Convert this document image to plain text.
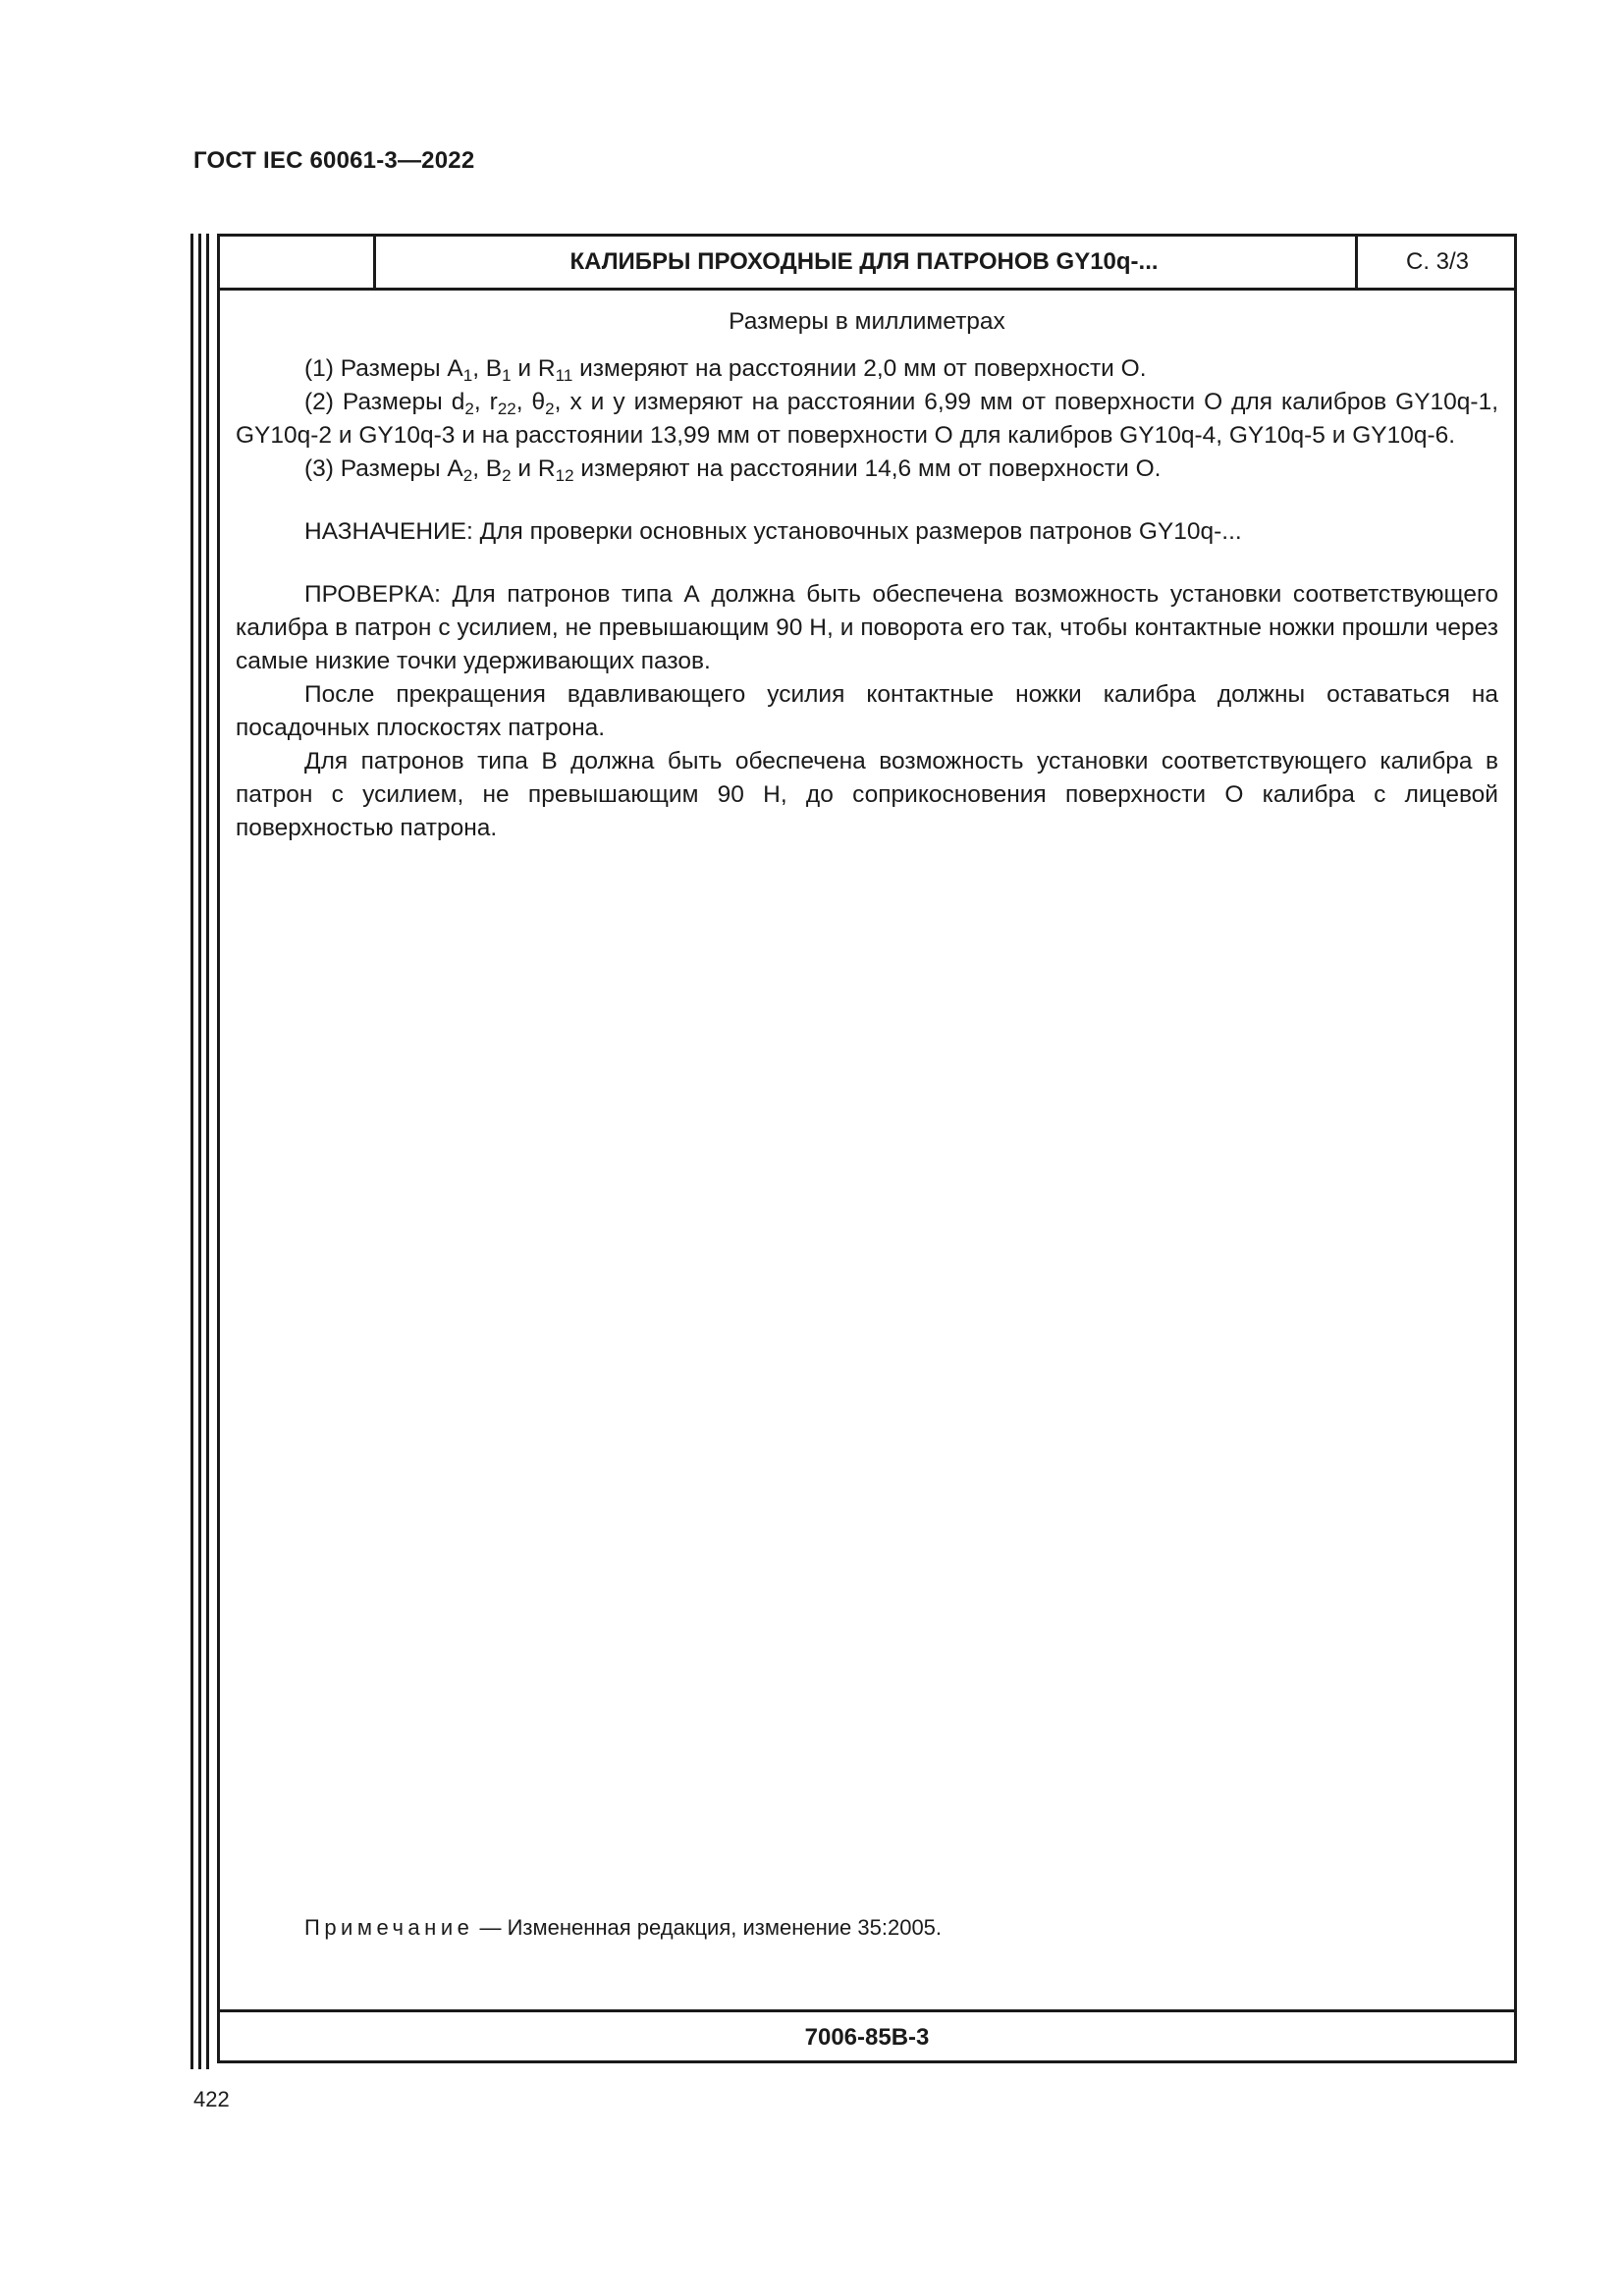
ГОСТ IEC 60061-3—2022
КАЛИБРЫ ПРОХОДНЫЕ ДЛЯ ПАТРОНОВ GY10q-...	С. 3/3

Размеры в миллиметрах

(1) Размеры $A_1$, $B_1$ и $R_{11}$ измеряют на расстоянии 2,0 мм от поверхности О.

(2) Размеры $d_2$, $r_{22}$, $\theta_2$, x и y измеряют на расстоянии 6,99 мм от поверхности О для калибров GY10q-1, GY10q-2 и GY10q-3 и на расстоянии 13,99 мм от поверхности О для калибров GY10q-4, GY10q-5 и GY10q-6.

(3) Размеры $A_2$, $B_2$ и $R_{12}$ измеряют на расстоянии 14,6 мм от поверхности О.

НАЗНАЧЕНИЕ: Для проверки основных установочных размеров патронов GY10q-...

ПРОВЕРКА: Для патронов типа А должна быть обеспечена возможность установки соответствующего калибра в патрон с усилием, не превышающим 90 Н, и поворота его так, чтобы контактные ножки прошли через самые низкие точки удерживающих пазов.

После прекращения вдавливающего усилия контактные ножки калибра должны оставаться на посадочных плоскостях патрона.

Для патронов типа В должна быть обеспечена возможность установки соответствующего калибра в патрон с усилием, не превышающим 90 Н, до соприкосновения поверхности О калибра с лицевой поверхностью патрона.

Примечание — Измененная редакция, изменение 35:2005.
7006-85B-3
422
